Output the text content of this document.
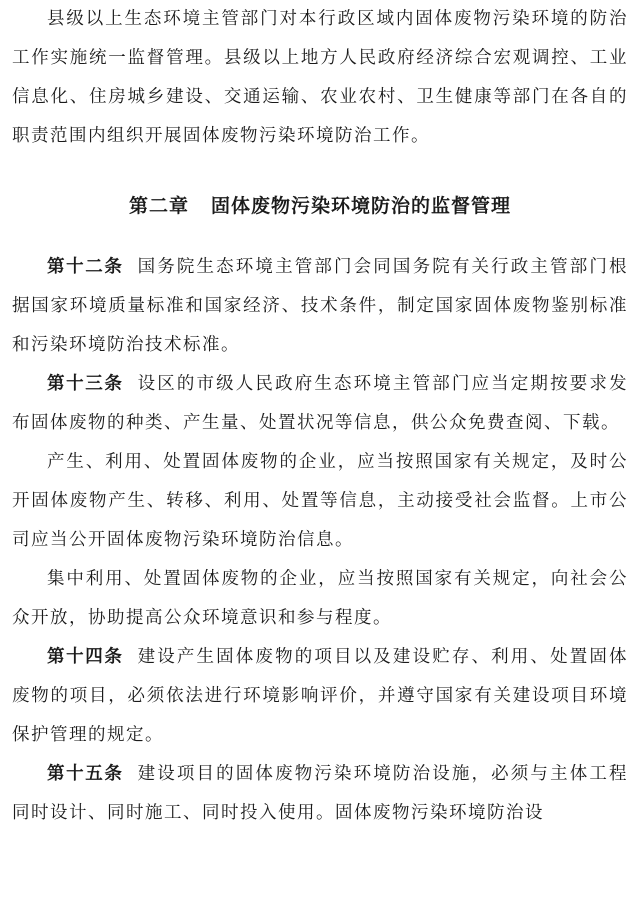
县级以上生态环境主管部门对本行政区域内固体废物污染环境的防治工作实施统一监督管理。县级以上地方人民政府经济综合宏观调控、工业信息化、住房城乡建设、交通运输、农业农村、卫生健康等部门在各自的职责范围内组织开展固体废物污染环境防治工作。

第二章 固体废物污染环境防治的监督管理

第十二条 国务院生态环境主管部门会同国务院有关行政主管部门根据国家环境质量标准和国家经济、技术条件，制定国家固体废物鉴别标准和污染环境防治技术标准。

第十三条 设区的市级人民政府生态环境主管部门应当定期按要求发布固体废物的种类、产生量、处置状况等信息，供公众免费查阅、下载。

产生、利用、处置固体废物的企业，应当按照国家有关规定，及时公开固体废物产生、转移、利用、处置等信息，主动接受社会监督。上市公司应当公开固体废物污染环境防治信息。

集中利用、处置固体废物的企业，应当按照国家有关规定，向社会公众开放，协助提高公众环境意识和参与程度。

第十四条 建设产生固体废物的项目以及建设贮存、利用、处置固体废物的项目，必须依法进行环境影响评价，并遵守国家有关建设项目环境保护管理的规定。

第十五条 建设项目的固体废物污染环境防治设施，必须与主体工程同时设计、同时施工、同时投入使用。固体废物污染环境防治设
